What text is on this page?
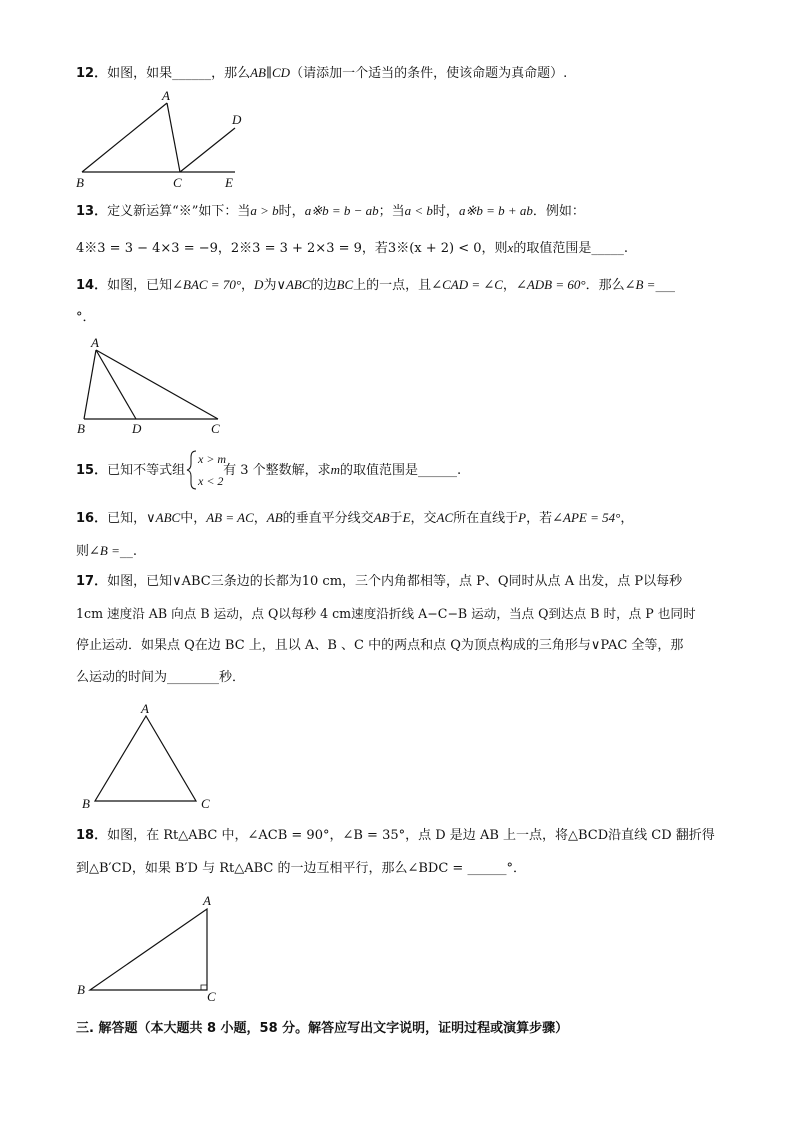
12．如图，如果______，那么AB∥CD（请添加一个适当的条件，使该命题为真命题）.
A
B	C
D
E
13．定义新运算“※”如下：当a > b时，a※b = b − ab；当a < b时，a※b = b + ab．例如：
4※3 = 3 − 4×3 = −9，2※3 = 3 + 2×3 = 9，若3※(x + 2) < 0，则x的取值范围是_____.
14．如图，已知∠BAC = 70°，D为∨ABC的边BC上的一点，且∠CAD = ∠C，∠ADB = 60°．那么∠B =___
°．
A
B	D	C
15．已知不等式组	有 3 个整数解，求m的取值范围是______.
x > m
x < 2
16．已知，∨ABC中，AB = AC，AB的垂直平分线交AB于E，交AC所在直线于P，若∠APE = 54°，
则∠B =__.
17．如图，已知∨ABC三条边的长都为10 cm，三个内角都相等，点 P、Q同时从点 A 出发，点 P以每秒
1cm 速度沿 AB 向点 B 运动，点 Q以每秒 4 cm速度沿折线 A−C−B 运动，当点 Q到达点 B 时，点 P 也同时
停止运动．如果点 Q在边 BC 上，且以 A、B 、C 中的两点和点 Q为顶点构成的三角形与∨PAC 全等，那
么运动的时间为________秒．
A
B	C
18．如图，在 Rt△ABC 中，∠ACB = 90°，∠B = 35°，点 D 是边 AB 上一点，将△BCD沿直线 CD 翻折得
到△B′CD，如果 B′D 与 Rt△ABC 的一边互相平行，那么∠BDC = ______°．
A
B	C
三. 解答题（本大题共 8 小题，58 分。解答应写出文字说明，证明过程或演算步骤）
